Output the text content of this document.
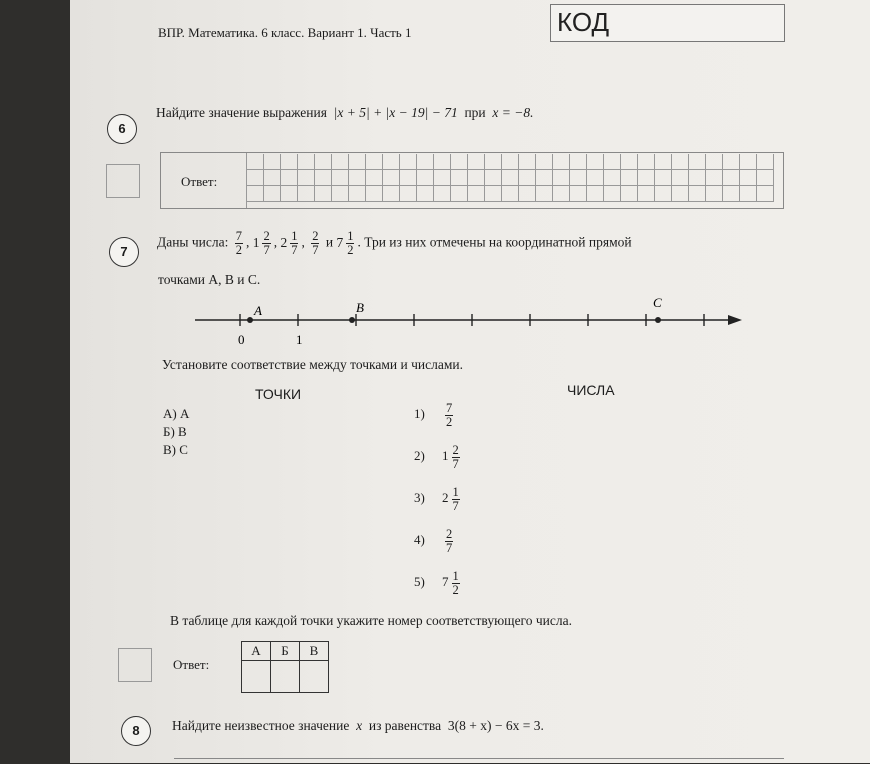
ВПР. Математика. 6 класс. Вариант 1. Часть 1	КОД
6
Найдите значение выражения |x + 5| + |x − 19| − 71 при x = −8.
Ответ:
7
Даны числа: $\frac{7}{2}$ , $1 \frac{2}{7}$ , $2 \frac{1}{7}$ , $\frac{2}{7}$ и $7 \frac{1}{2}$ . Три из них отмечены на координатной прямой
точками A, B и C.
0	1
A	B	C
Установите соответствие между точками и числами.
ТОЧКИ	ЧИСЛА
А) A
Б) B
В) C
$1) \frac{7}{2}$
2)  $1 \frac{2}{7}$
3)  $2 \frac{1}{7}$
$4) \frac{2}{7}$
5)  $7 \frac{1}{2}$
В таблице для каждой точки укажите номер соответствующего числа.
Ответ:
А	Б	В

8	Найдите неизвестное значение x из равенства 3(8 + x) − 6x = 3.
